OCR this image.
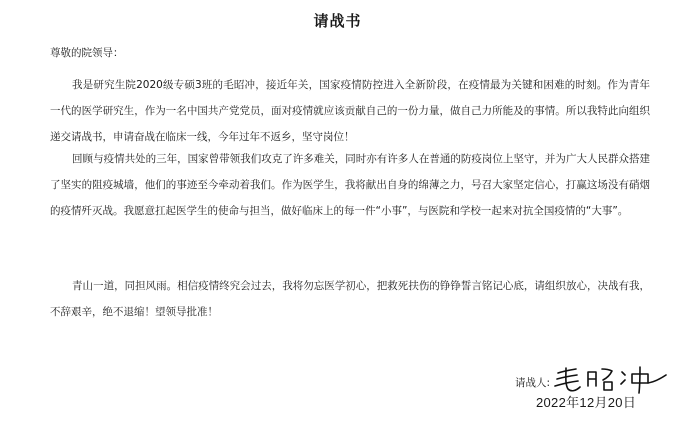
请战书
尊敬的院领导：

我是研究生院2020级专硕3班的毛昭冲，接近年关，国家疫情防控进入全新阶段，在疫情最为关键和困难的时刻。作为青年一代的医学研究生，作为一名中国共产党党员，面对疫情就应该贡献自己的一份力量，做自己力所能及的事情。所以我特此向组织递交请战书，申请奋战在临床一线，今年过年不返乡，坚守岗位！

回顾与疫情共处的三年，国家曾带领我们攻克了许多难关，同时亦有许多人在普通的防疫岗位上坚守，并为广大人民群众搭建了坚实的阻疫城墙，他们的事迹至今牵动着我们。作为医学生，我将献出自身的绵薄之力，号召大家坚定信心，打赢这场没有硝烟的疫情歼灭战。我愿意扛起医学生的使命与担当，做好临床上的每一件“小事”，与医院和学校一起来对抗全国疫情的“大事”。

青山一道，同担风雨。相信疫情终究会过去，我将勿忘医学初心，把救死扶伤的铮铮誓言铭记心底，请组织放心，决战有我，不辞艰辛，绝不退缩！望领导批准！

请战人:
2022年12月20日
